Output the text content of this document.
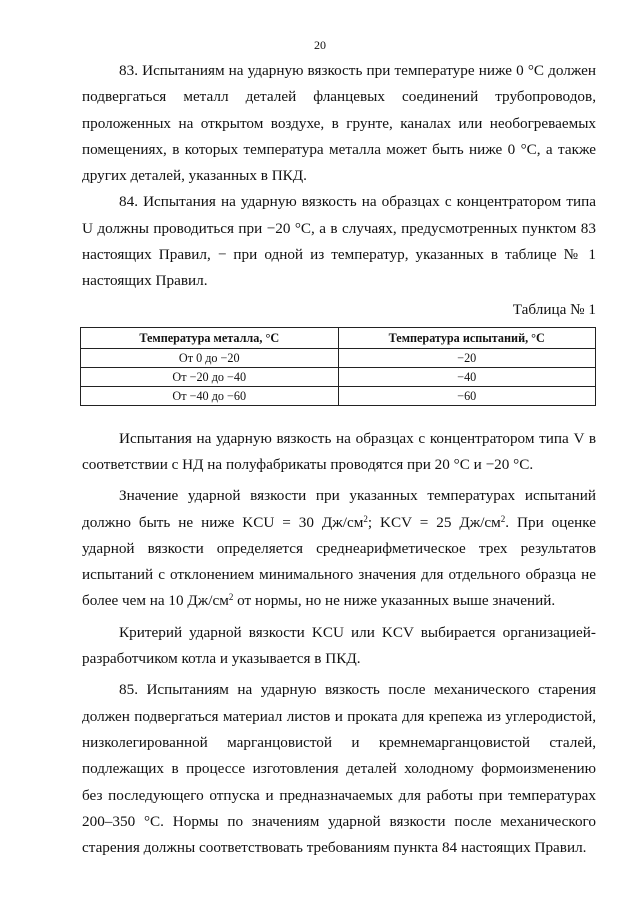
20

83. Испытаниям на ударную вязкость при температуре ниже 0 °C должен подвергаться металл деталей фланцевых соединений трубопроводов, проложенных на открытом воздухе, в грунте, каналах или необогреваемых помещениях, в которых температура металла может быть ниже 0 °C, а также других деталей, указанных в ПКД.

84. Испытания на ударную вязкость на образцах с концентратором типа U должны проводиться при −20 °C, а в случаях, предусмотренных пунктом 83 настоящих Правил, − при одной из температур, указанных в таблице № 1 настоящих Правил.

Таблица № 1
Температура металла, °C	Температура испытаний, °C
От 0 до −20	−20
От −20 до −40	−40
От −40 до −60	−60

Испытания на ударную вязкость на образцах с концентратором типа V в соответствии с НД на полуфабрикаты проводятся при 20 °C и −20 °C.

Значение ударной вязкости при указанных температурах испытаний должно быть не ниже KCU = 30 $Дж/см^2$; KCV = 25 $Дж/см^2$. При оценке ударной вязкости определяется среднеарифметическое трех результатов испытаний с отклонением минимального значения для отдельного образца не более чем на 10 $Дж/см^2$ от нормы, но не ниже указанных выше значений.

Критерий ударной вязкости KCU или KCV выбирается организацией-разработчиком котла и указывается в ПКД.

85. Испытаниям на ударную вязкость после механического старения должен подвергаться материал листов и проката для крепежа из углеродистой, низколегированной марганцовистой и кремнемарганцовистой сталей, подлежащих в процессе изготовления деталей холодному формоизменению без последующего отпуска и предназначаемых для работы при температурах 200–350 °C. Нормы по значениям ударной вязкости после механического старения должны соответствовать требованиям пункта 84 настоящих Правил.
